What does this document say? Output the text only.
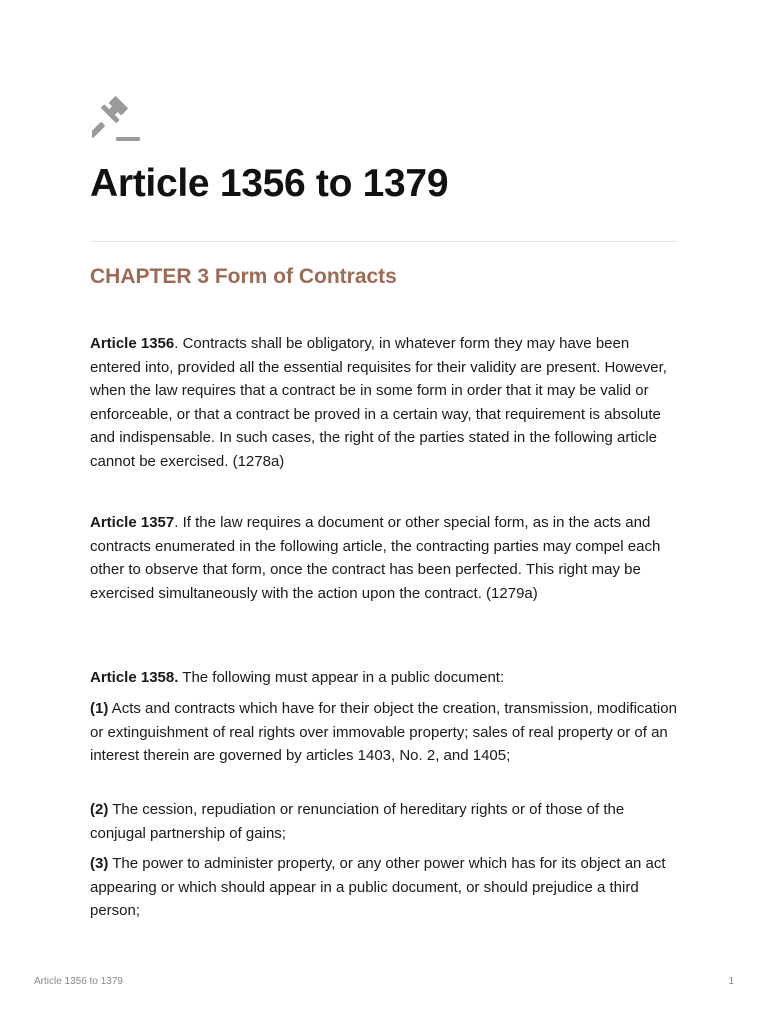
Article 1356 to 1379
CHAPTER 3 Form of Contracts

Article 1356. Contracts shall be obligatory, in whatever form they may have been entered into, provided all the essential requisites for their validity are present. However, when the law requires that a contract be in some form in order that it may be valid or enforceable, or that a contract be proved in a certain way, that requirement is absolute and indispensable. In such cases, the right of the parties stated in the following article cannot be exercised. (1278a)

Article 1357. If the law requires a document or other special form, as in the acts and contracts enumerated in the following article, the contracting parties may compel each other to observe that form, once the contract has been perfected. This right may be exercised simultaneously with the action upon the contract. (1279a)

Article 1358. The following must appear in a public document:

(1) Acts and contracts which have for their object the creation, transmission, modification or extinguishment of real rights over immovable property; sales of real property or of an interest therein are governed by articles 1403, No. 2, and 1405;

(2) The cession, repudiation or renunciation of hereditary rights or of those of the conjugal partnership of gains;

(3) The power to administer property, or any other power which has for its object an act appearing or which should appear in a public document, or should prejudice a third person;

Article 1356 to 1379	1
